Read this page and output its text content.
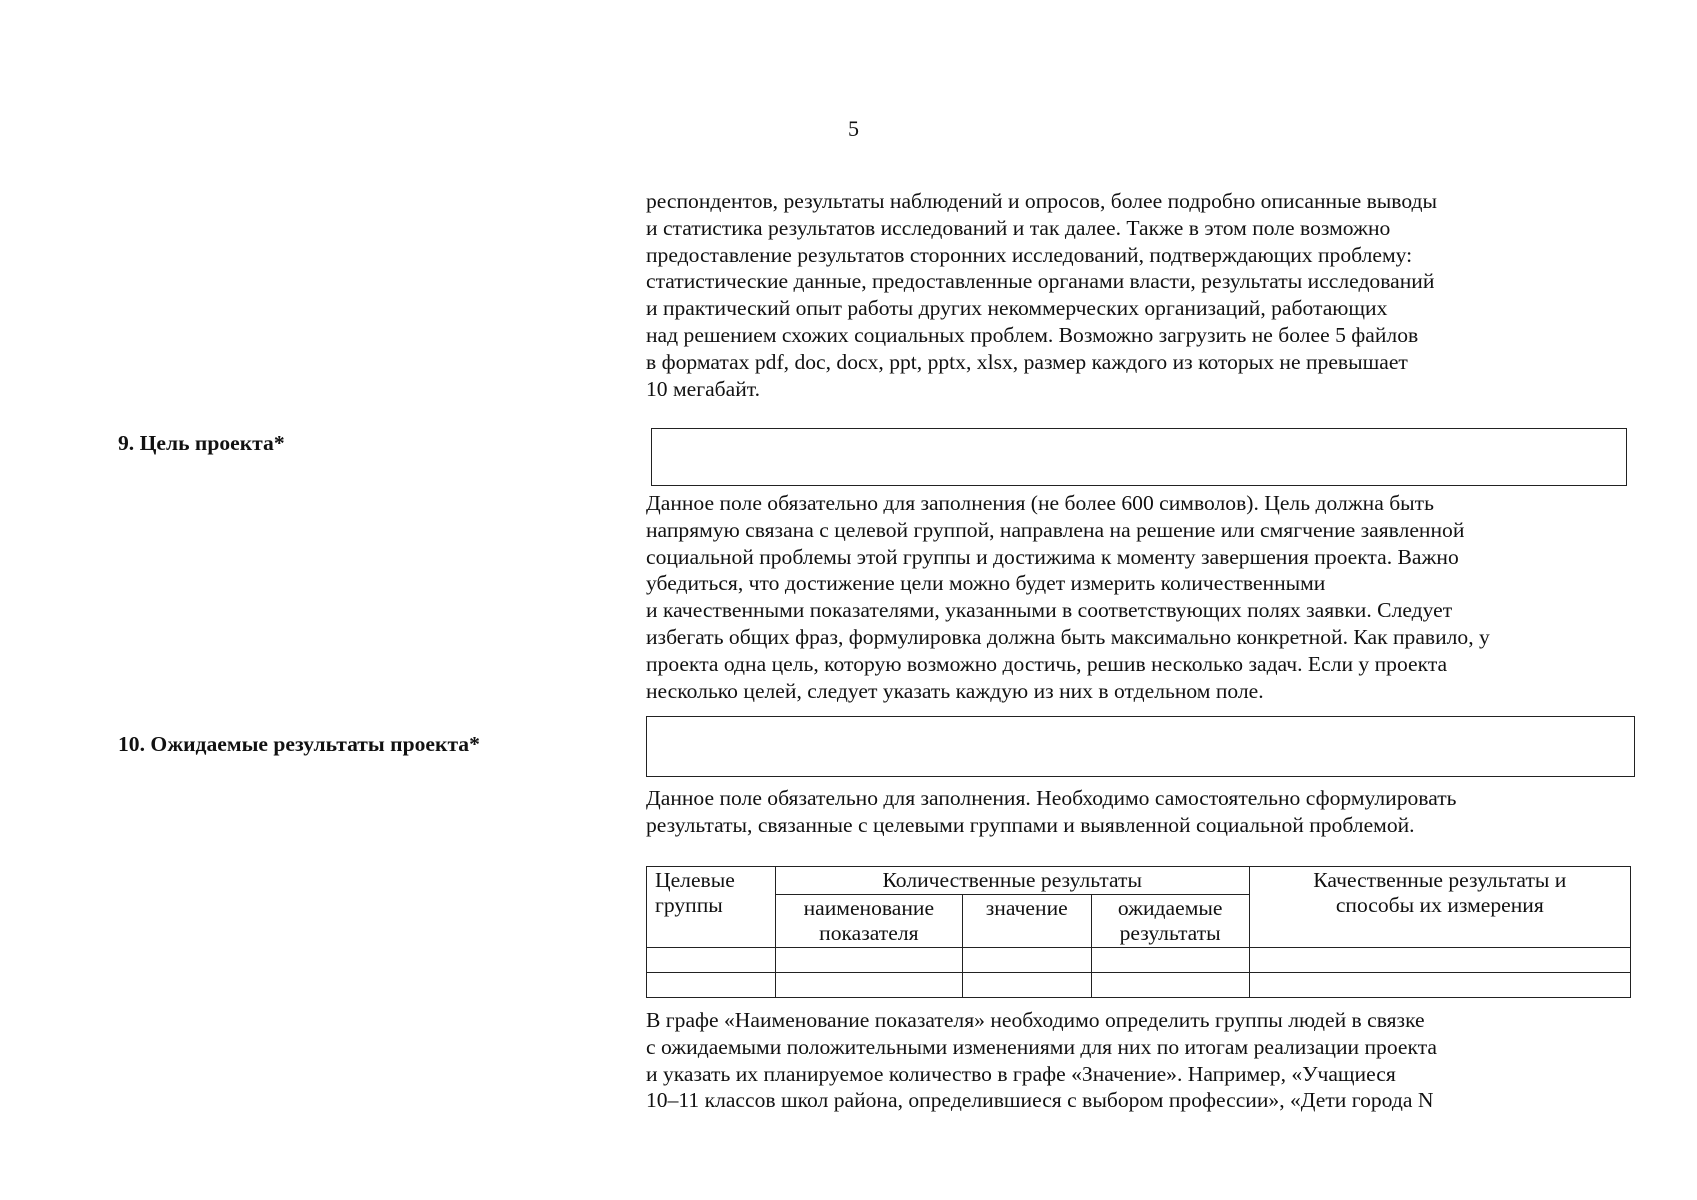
5
респондентов, результаты наблюдений и опросов, более подробно описанные выводы
и статистика результатов исследований и так далее. Также в этом поле возможно
предоставление результатов сторонних исследований, подтверждающих проблему:
статистические данные, предоставленные органами власти, результаты исследований
и практический опыт работы других некоммерческих организаций, работающих
над решением схожих социальных проблем. Возможно загрузить не более 5 файлов
в форматах pdf, doc, docx, ppt, pptx, xlsx, размер каждого из которых не превышает
10 мегабайт.
9. Цель проекта*
Данное поле обязательно для заполнения (не более 600 символов). Цель должна быть
напрямую связана с целевой группой, направлена на решение или смягчение заявленной
социальной проблемы этой группы и достижима к моменту завершения проекта. Важно
убедиться, что достижение цели можно будет измерить количественными
и качественными показателями, указанными в соответствующих полях заявки. Следует
избегать общих фраз, формулировка должна быть максимально конкретной. Как правило, у
проекта одна цель, которую возможно достичь, решив несколько задач. Если у проекта
несколько целей, следует указать каждую из них в отдельном поле.
10. Ожидаемые результаты проекта*
Данное поле обязательно для заполнения. Необходимо самостоятельно сформулировать
результаты, связанные с целевыми группами и выявленной социальной проблемой.
Целевые группы	Количественные результаты			Качественные результаты и способы их измерения
	наименование показателя	значение	ожидаемые результаты	

В графе «Наименование показателя» необходимо определить группы людей в связке
с ожидаемыми положительными изменениями для них по итогам реализации проекта
и указать их планируемое количество в графе «Значение». Например, «Учащиеся
10–11 классов школ района, определившиеся с выбором профессии», «Дети города N
